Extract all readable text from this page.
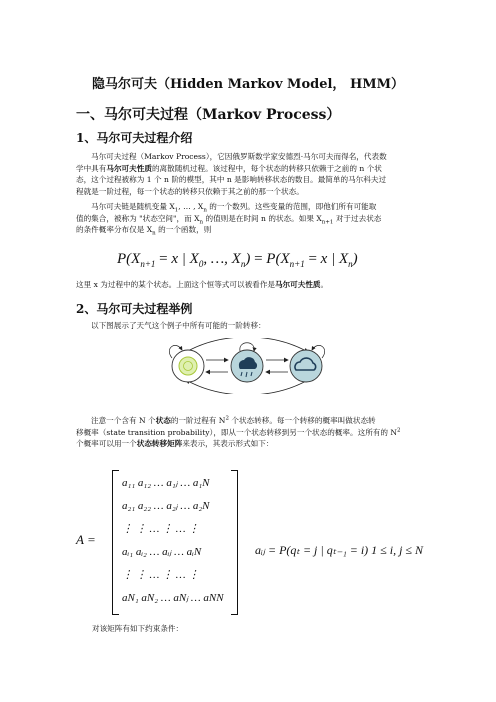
隐马尔可夫（Hidden Markov Model， HMM）
一、马尔可夫过程（Markov Process）
1、马尔可夫过程介绍
马尔可夫过程（Markov Process），它因俄罗斯数学家安德烈·马尔可夫而得名，代表数
学中具有马尔可夫性质的离散随机过程。该过程中，每个状态的转移只依赖于之前的 n 个状
态，这个过程被称为 1 个 n 阶的模型，其中 n 是影响转移状态的数目。最简单的马尔科夫过
程就是一阶过程，每一个状态的转移只依赖于其之前的那一个状态。
马尔可夫链是随机变量 $X_1$, … , $X_n$ 的一个数列。这些变量的范围，即他们所有可能取
值的集合，被称为 "状态空间"，而 $X_n$ 的值则是在时间 n 的状态。如果 $X_{n+1}$ 对于过去状态
的条件概率分布仅是 $X_n$ 的一个函数，则
$P(X_{n+1} = x$ | $X_0$, …, $X_n) = P(X_{n+1} = x$ | $X_n$)
这里 x 为过程中的某个状态。上面这个恒等式可以被看作是马尔可夫性质。
2、马尔可夫过程举例
以下图展示了天气这个例子中所有可能的一阶转移：
注意一个含有 N 个状态的一阶过程有 $N^2$ 个状态转移。每一个转移的概率叫做状态转
移概率（state transition probability），即从一个状态转移到另一个状态的概率。这所有的 $N^2$
个概率可以用一个状态转移矩阵来表示，其表示形式如下：
A =
a₁₁ a₁₂ … a₁ⱼ … a₁N
a₂₁ a₂₂ … a₂ⱼ … a₂N
⋮ ⋮ … ⋮ … ⋮
aᵢ₁ aᵢ₂ … aᵢⱼ … aᵢN
⋮ ⋮ … ⋮ … ⋮
aN₁ aN₂ … aNⱼ … aNN
aᵢⱼ = P(qₜ = j | qₜ₋₁ = i) 1 ≤ i, j ≤ N
对该矩阵有如下约束条件：
